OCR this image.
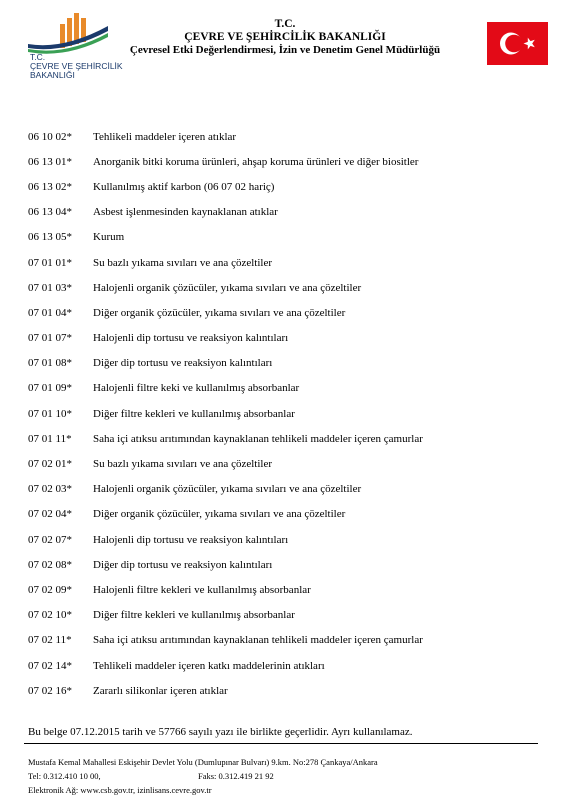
T.C.
ÇEVRE VE ŞEHİRCİLİK
BAKANLIĞI
T.C.
ÇEVRE VE ŞEHİRCİLİK BAKANLIĞI
Çevresel Etki Değerlendirmesi, İzin ve Denetim Genel Müdürlüğü
06 10 02*	Tehlikeli maddeler içeren atıklar
06 13 01*	Anorganik bitki koruma ürünleri, ahşap koruma ürünleri ve diğer biositler
06 13 02*	Kullanılmış aktif karbon (06 07 02 hariç)
06 13 04*	Asbest işlenmesinden kaynaklanan atıklar
06 13 05*	Kurum
07 01 01*	Su bazlı yıkama sıvıları ve ana çözeltiler
07 01 03*	Halojenli organik çözücüler, yıkama sıvıları ve ana çözeltiler
07 01 04*	Diğer organik çözücüler, yıkama sıvıları ve ana çözeltiler
07 01 07*	Halojenli dip tortusu ve reaksiyon kalıntıları
07 01 08*	Diğer dip tortusu ve reaksiyon kalıntıları
07 01 09*	Halojenli filtre keki ve kullanılmış absorbanlar
07 01 10*	Diğer filtre kekleri ve kullanılmış absorbanlar
07 01 11*	Saha içi atıksu arıtımından kaynaklanan tehlikeli maddeler içeren çamurlar
07 02 01*	Su bazlı yıkama sıvıları ve ana çözeltiler
07 02 03*	Halojenli organik çözücüler, yıkama sıvıları ve ana çözeltiler
07 02 04*	Diğer organik çözücüler, yıkama sıvıları ve ana çözeltiler
07 02 07*	Halojenli dip tortusu ve reaksiyon kalıntıları
07 02 08*	Diğer dip tortusu ve reaksiyon kalıntıları
07 02 09*	Halojenli filtre kekleri ve kullanılmış absorbanlar
07 02 10*	Diğer filtre kekleri ve kullanılmış absorbanlar
07 02 11*	Saha içi atıksu arıtımından kaynaklanan tehlikeli maddeler içeren çamurlar
07 02 14*	Tehlikeli maddeler içeren katkı maddelerinin atıkları
07 02 16*	Zararlı silikonlar içeren atıklar
Bu belge 07.12.2015 tarih ve 57766 sayılı yazı ile birlikte geçerlidir. Ayrı kullanılamaz.
Mustafa Kemal Mahallesi Eskişehir Devlet Yolu (Dumlupınar Bulvarı) 9.km. No:278 Çankaya/Ankara
Tel: 0.312.410 10 00,	Faks: 0.312.419 21 92
Elektronik Ağ: www.csb.gov.tr, izinlisans.cevre.gov.tr
